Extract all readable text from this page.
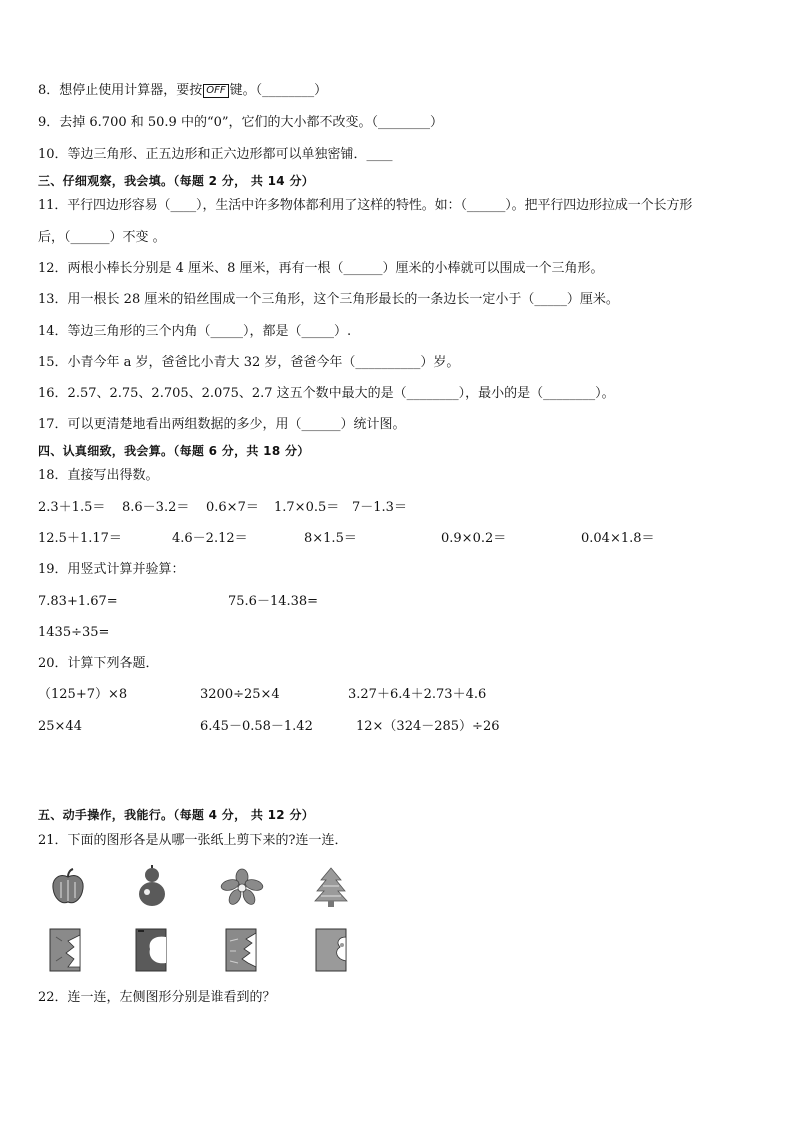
8．想停止使用计算器，要按 OFF 键。（________）
9．去掉 6.700 和 50.9 中的“0”，它们的大小都不改变。（________）
10．等边三角形、正五边形和正六边形都可以单独密铺．____
三、仔细观察，我会填。（每题 2 分， 共 14 分）
11．平行四边形容易（____），生活中许多物体都利用了这样的特性。如：（______）。把平行四边形拉成一个长方形
后，（______）不变 。
12．两根小棒长分别是 4 厘米、8 厘米，再有一根（______）厘米的小棒就可以围成一个三角形。
13．用一根长 28 厘米的铅丝围成一个三角形，这个三角形最长的一条边长一定小于（_____）厘米。
14．等边三角形的三个内角（_____），都是（_____）.
15．小青今年 a 岁，爸爸比小青大 32 岁，爸爸今年（__________）岁。
16．2.57、2.75、2.705、2.075、2.7 这五个数中最大的是（________），最小的是（________）。
17．可以更清楚地看出两组数据的多少，用（______）统计图。
四、认真细致，我会算。（每题 6 分，共 18 分）
18．直接写出得数。
2.3＋1.5＝ 8.6－3.2＝ 0.6×7＝ 1.7×0.5＝ 7－1.3＝
12.5＋1.17＝	4.6－2.12＝	8×1.5＝	0.9×0.2＝	0.04×1.8＝
19．用竖式计算并验算：
7.83+1.67=	75.6－14.38=
1435÷35=
20．计算下列各题．
（125+7）×8	3200÷25×4	3.27＋6.4＋2.73＋4.6
25×44	6.45－0.58－1.42	12×（324－285）÷26
五、动手操作，我能行。（每题 4 分， 共 12 分）
21．下面的图形各是从哪一张纸上剪下来的?连一连．
22．连一连，左侧图形分别是谁看到的？
